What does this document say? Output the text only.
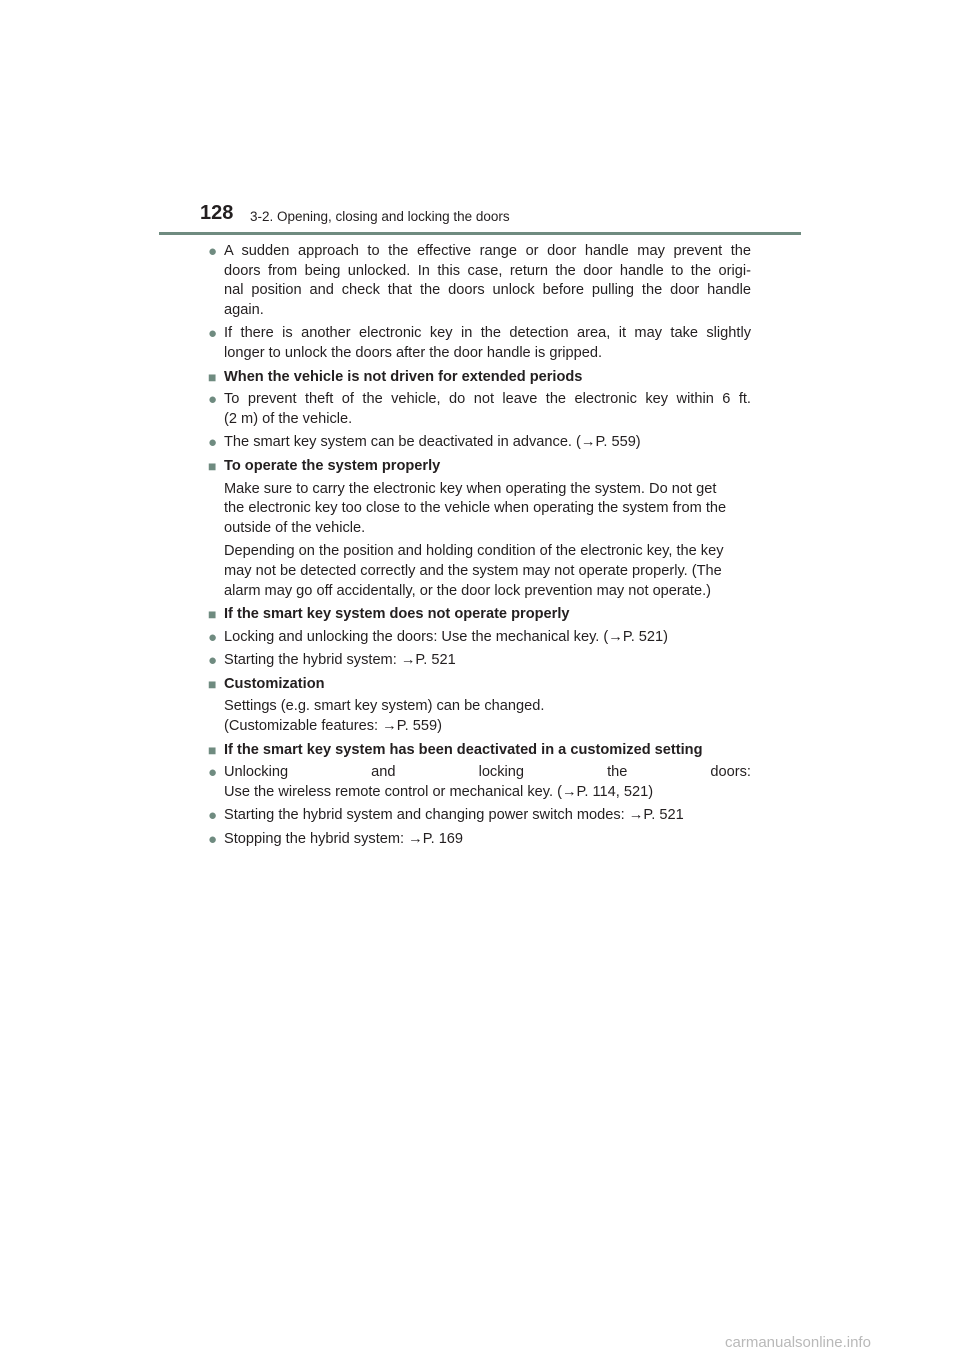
128 3-2. Opening, closing and locking the doors
● A sudden approach to the effective range or door handle may prevent the
doors from being unlocked. In this case, return the door handle to the origi-
nal position and check that the doors unlock before pulling the door handle
again.
● If there is another electronic key in the detection area, it may take slightly
longer to unlock the doors after the door handle is gripped.
■ When the vehicle is not driven for extended periods
● To prevent theft of the vehicle, do not leave the electronic key within 6 ft.
(2 m) of the vehicle.
● The smart key system can be deactivated in advance. (→P. 559)
■ To operate the system properly
Make sure to carry the electronic key when operating the system. Do not get
the electronic key too close to the vehicle when operating the system from the
outside of the vehicle.
Depending on the position and holding condition of the electronic key, the key
may not be detected correctly and the system may not operate properly. (The
alarm may go off accidentally, or the door lock prevention may not operate.)
■ If the smart key system does not operate properly
● Locking and unlocking the doors: Use the mechanical key. (→P. 521)
● Starting the hybrid system: →P. 521
■ Customization
Settings (e.g. smart key system) can be changed.
(Customizable features: →P. 559)
■ If the smart key system has been deactivated in a customized setting
● Unlocking and locking the doors:
Use the wireless remote control or mechanical key. (→P. 114, 521)
● Starting the hybrid system and changing power switch modes: →P. 521
● Stopping the hybrid system: →P. 169
carmanualsonline.info
